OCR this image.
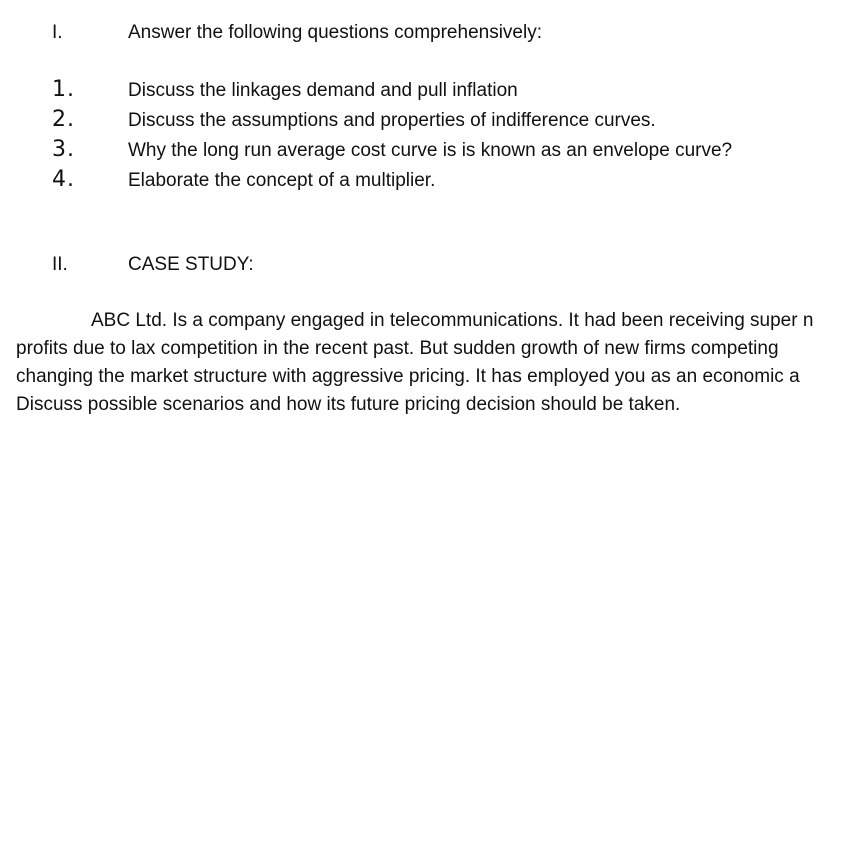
I.	Answer the following questions comprehensively:
1.	Discuss the linkages demand and pull inflation
2.	Discuss the assumptions and properties of indifference curves.
3.	Why the long run average cost curve is is known as an envelope curve?
4.	Elaborate the concept of a multiplier.
II.	CASE STUDY:
ABC Ltd. Is a company engaged in telecommunications. It had been receiving super n
profits due to lax competition in the recent past. But sudden growth of new firms competing
changing the market structure with aggressive pricing. It has employed you as an economic a
Discuss possible scenarios and how its future pricing decision should be taken.
